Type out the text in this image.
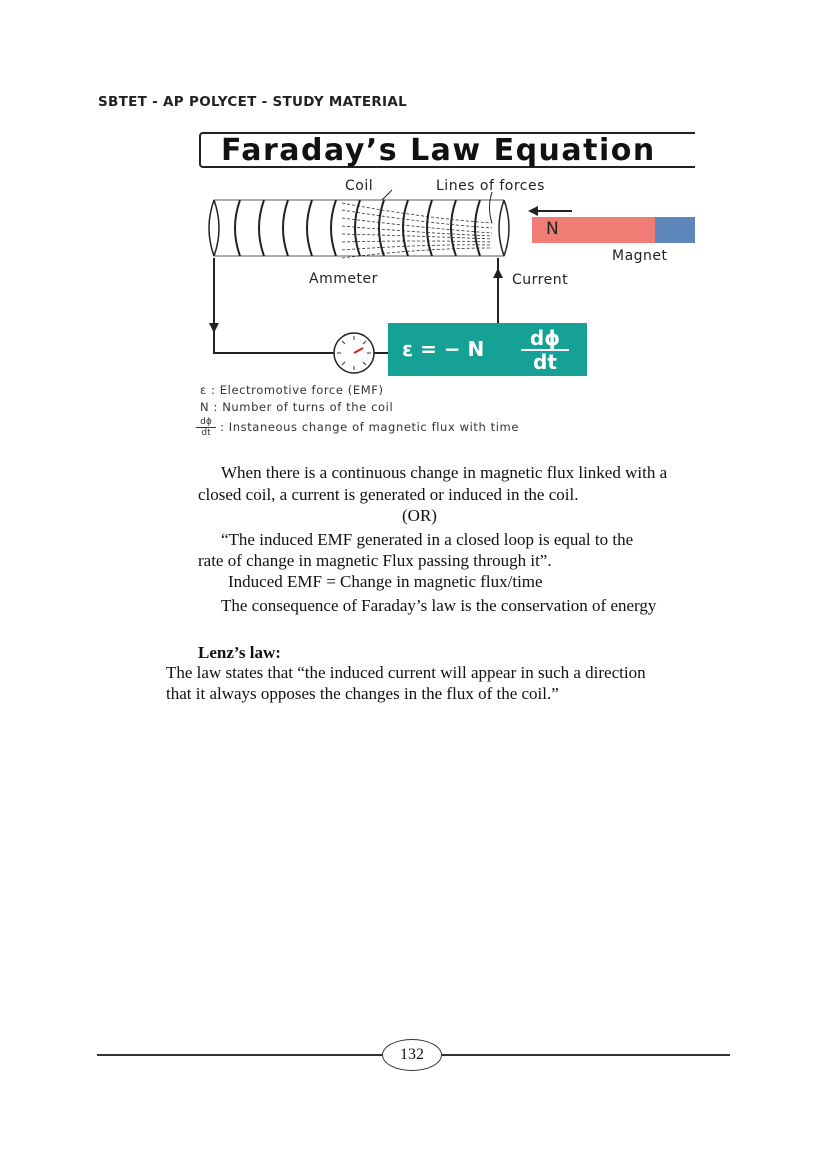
SBTET - AP POLYCET - STUDY MATERIAL
Faraday’s Law Equation
Coil	Lines of forces
N
Magnet
Ammeter	Current
ε = − N $\frac{d\phi}{dt}$
ε : Electromotive force (EMF)
N : Number of turns of the coil
$\frac{d\phi}{dt}$ : Instaneous change of magnetic flux with time
When there is a continuous change in magnetic flux linked with a
closed coil, a current is generated or induced in the coil.
(OR)
“The induced EMF generated in a closed loop is equal to the
rate of change in magnetic Flux passing through it”.
Induced EMF = Change in magnetic flux/time
The consequence of Faraday’s law is the conservation of energy
Lenz’s law:
The law states that “the induced current will appear in such a direction
that it always opposes the changes in the flux of the coil.”
132
